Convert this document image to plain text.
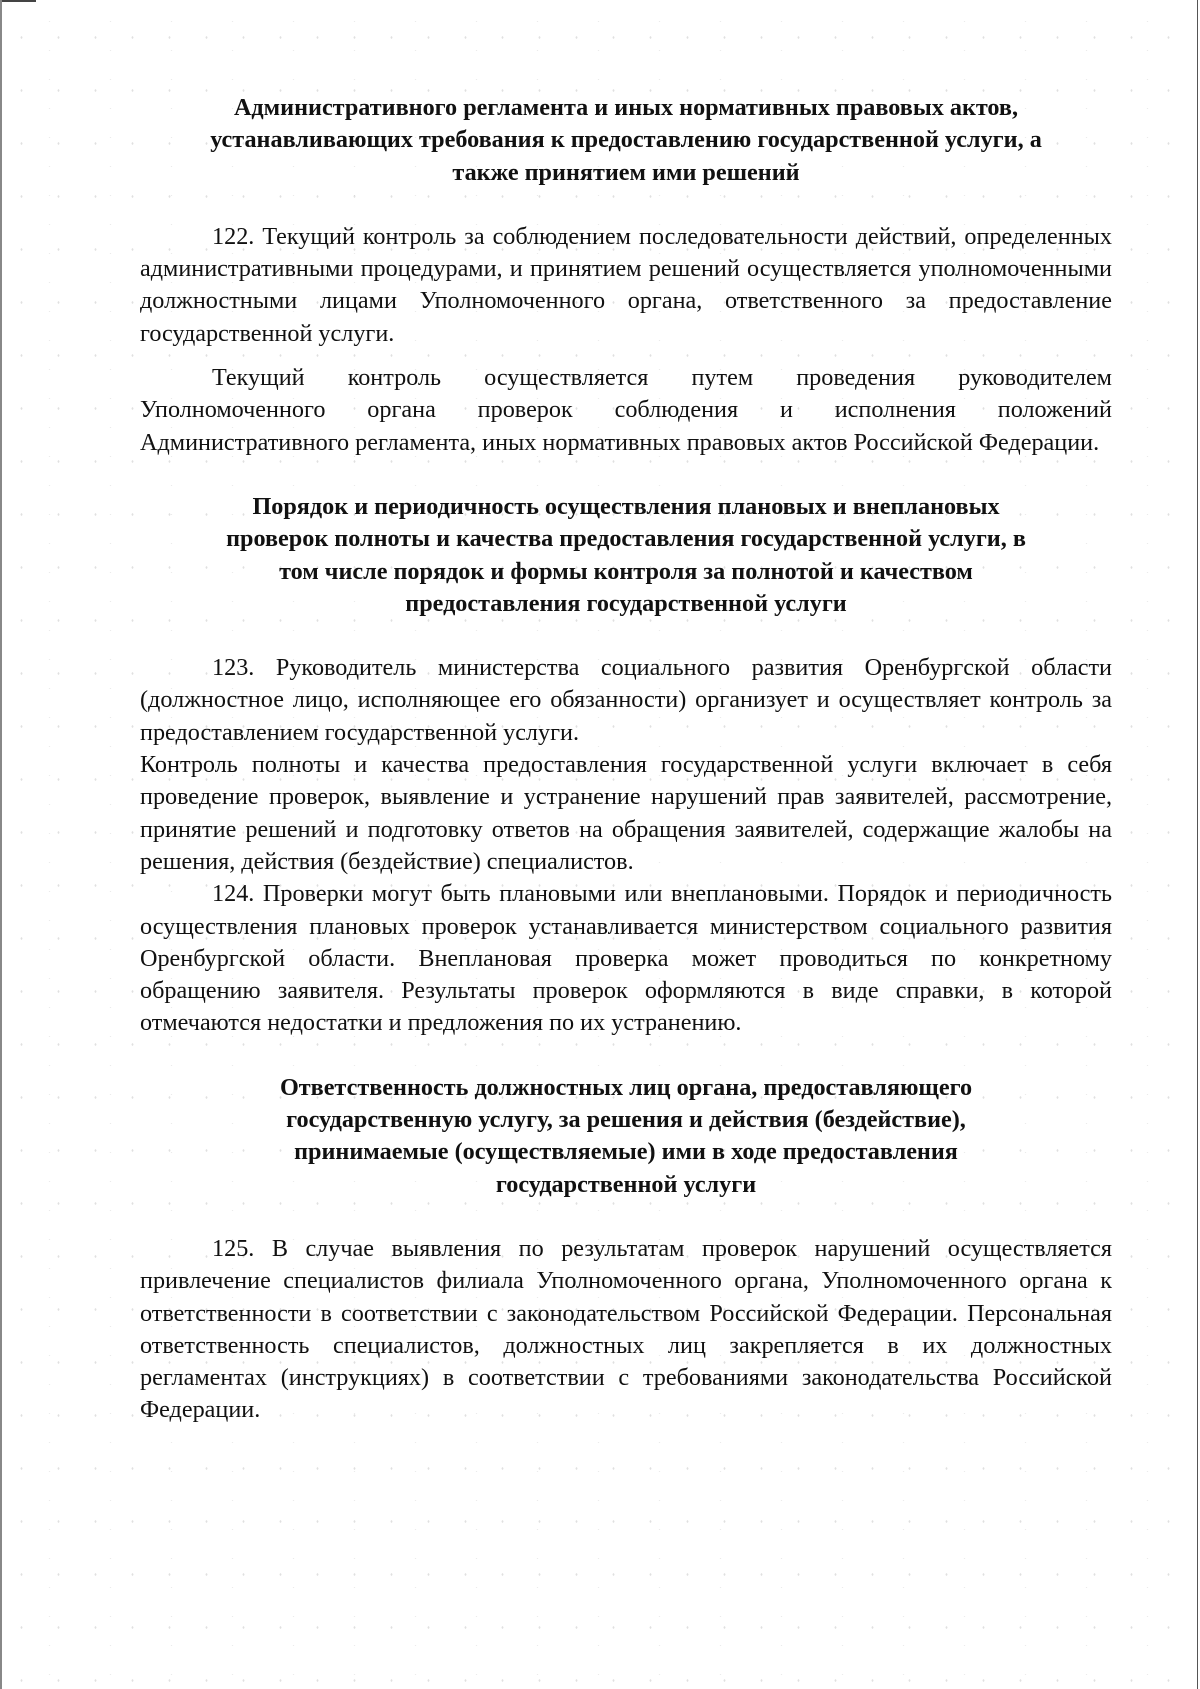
Административного регламента и иных нормативных правовых актов, устанавливающих требования к предоставлению государственной услуги, а также принятием ими решений

122. Текущий контроль за соблюдением последовательности действий, определенных административными процедурами, и принятием решений осуществляется уполномоченными должностными лицами Уполномоченного органа, ответственного за предоставление государственной услуги.

Текущий контроль осуществляется путем проведения руководителем Уполномоченного органа проверок соблюдения и исполнения положений Административного регламента, иных нормативных правовых актов Российской Федерации.

Порядок и периодичность осуществления плановых и внеплановых проверок полноты и качества предоставления государственной услуги, в том числе порядок и формы контроля за полнотой и качеством предоставления государственной услуги

123. Руководитель министерства социального развития Оренбургской области (должностное лицо, исполняющее его обязанности) организует и осуществляет контроль за предоставлением государственной услуги.

Контроль полноты и качества предоставления государственной услуги включает в себя проведение проверок, выявление и устранение нарушений прав заявителей, рассмотрение, принятие решений и подготовку ответов на обращения заявителей, содержащие жалобы на решения, действия (бездействие) специалистов.

124. Проверки могут быть плановыми или внеплановыми. Порядок и периодичность осуществления плановых проверок устанавливается министерством социального развития Оренбургской области. Внеплановая проверка может проводиться по конкретному обращению заявителя. Результаты проверок оформляются в виде справки, в которой отмечаются недостатки и предложения по их устранению.

Ответственность должностных лиц органа, предоставляющего государственную услугу, за решения и действия (бездействие), принимаемые (осуществляемые) ими в ходе предоставления государственной услуги

125. В случае выявления по результатам проверок нарушений осуществляется привлечение специалистов филиала Уполномоченного органа, Уполномоченного органа к ответственности в соответствии с законодательством Российской Федерации. Персональная ответственность специалистов, должностных лиц закрепляется в их должностных регламентах (инструкциях) в соответствии с требованиями законодательства Российской Федерации.
